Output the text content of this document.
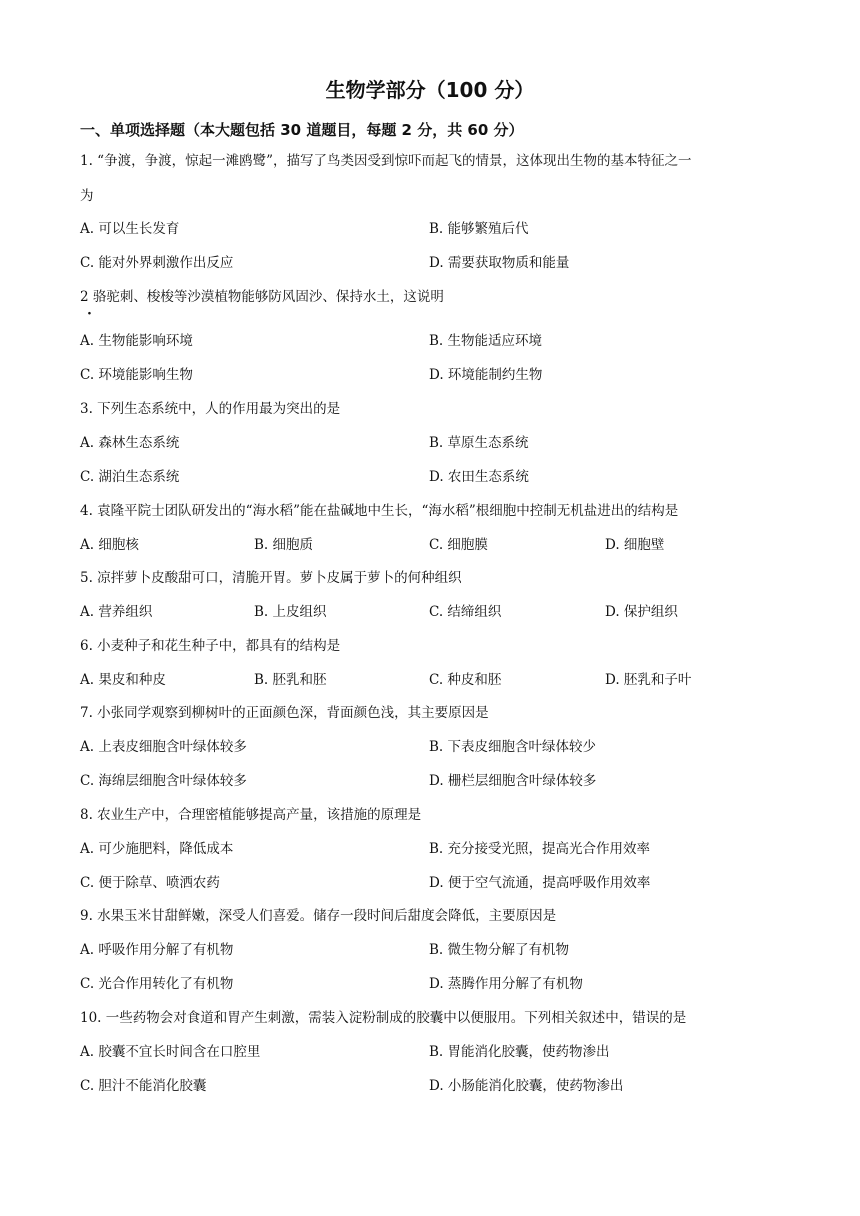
生物学部分（100 分）
一、单项选择题（本大题包括 30 道题目，每题 2 分，共 60 分）
1. “争渡，争渡，惊起一滩鸥鹭”，描写了鸟类因受到惊吓而起飞的情景，这体现出生物的基本特征之一
为
A. 可以生长发育	B. 能够繁殖后代
C. 能对外界刺激作出反应	D. 需要获取物质和能量
2 骆驼刺、梭梭等沙漠植物能够防风固沙、保持水土，这说明
·
A. 生物能影响环境	B. 生物能适应环境
C. 环境能影响生物	D. 环境能制约生物
3. 下列生态系统中，人的作用最为突出的是
A. 森林生态系统	B. 草原生态系统
C. 湖泊生态系统	D. 农田生态系统
4. 袁隆平院士团队研发出的“海水稻”能在盐碱地中生长，“海水稻”根细胞中控制无机盐进出的结构是
A. 细胞核	B. 细胞质	C. 细胞膜	D. 细胞壁
5. 凉拌萝卜皮酸甜可口，清脆开胃。萝卜皮属于萝卜的何种组织
A. 营养组织	B. 上皮组织	C. 结缔组织	D. 保护组织
6. 小麦种子和花生种子中，都具有的结构是
A. 果皮和种皮	B. 胚乳和胚	C. 种皮和胚	D. 胚乳和子叶
7. 小张同学观察到柳树叶的正面颜色深，背面颜色浅，其主要原因是
A. 上表皮细胞含叶绿体较多	B. 下表皮细胞含叶绿体较少
C. 海绵层细胞含叶绿体较多	D. 栅栏层细胞含叶绿体较多
8. 农业生产中，合理密植能够提高产量，该措施的原理是
A. 可少施肥料，降低成本	B. 充分接受光照，提高光合作用效率
C. 便于除草、喷洒农药	D. 便于空气流通，提高呼吸作用效率
9. 水果玉米甘甜鲜嫩，深受人们喜爱。储存一段时间后甜度会降低，主要原因是
A. 呼吸作用分解了有机物	B. 微生物分解了有机物
C. 光合作用转化了有机物	D. 蒸腾作用分解了有机物
10. 一些药物会对食道和胃产生刺激，需装入淀粉制成的胶囊中以便服用。下列相关叙述中，错误的是
A. 胶囊不宜长时间含在口腔里	B. 胃能消化胶囊，使药物渗出
C. 胆汁不能消化胶囊	D. 小肠能消化胶囊，使药物渗出
